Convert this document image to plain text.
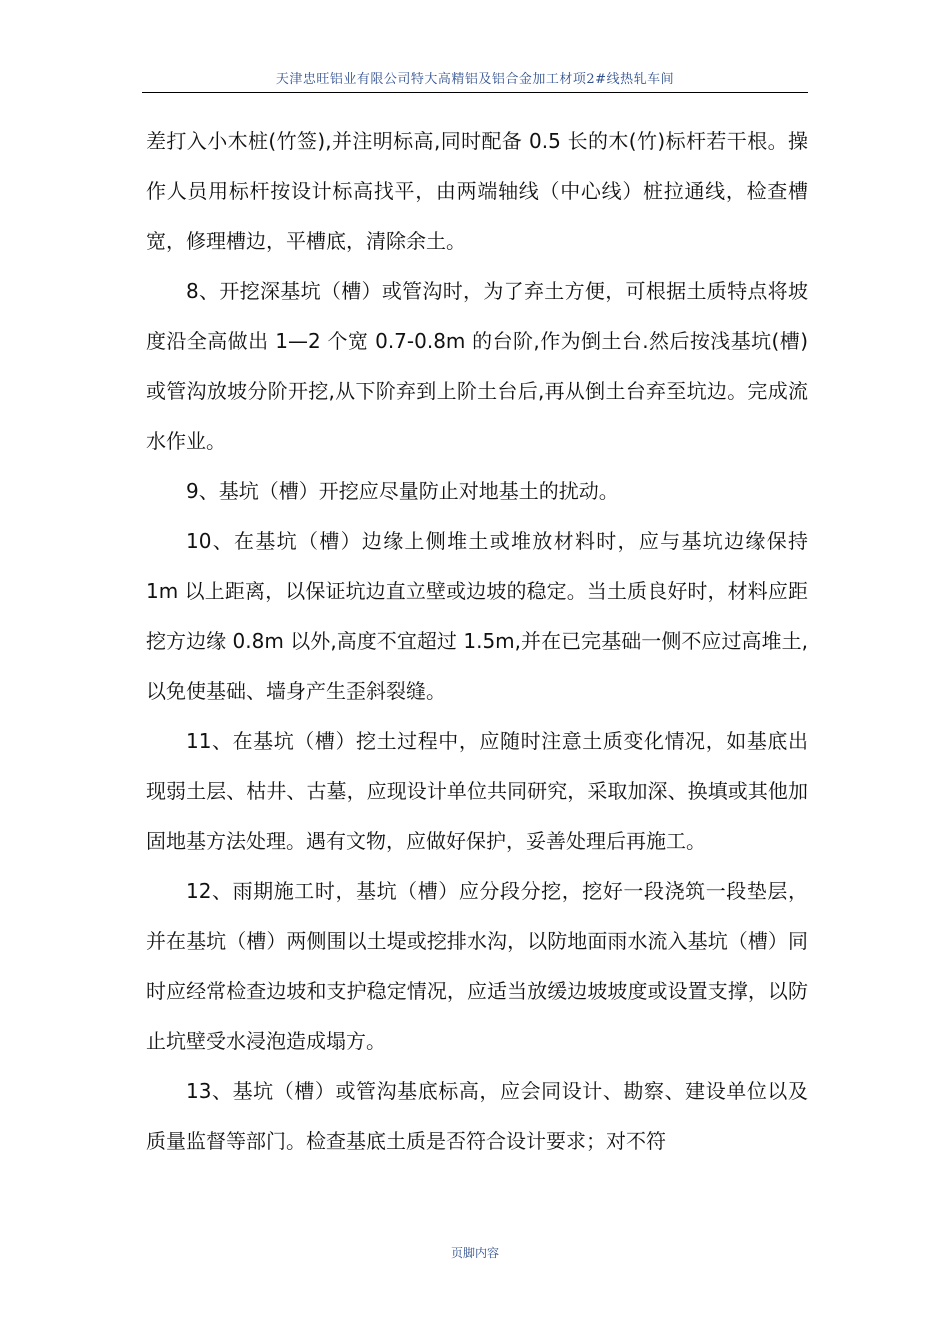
天津忠旺铝业有限公司特大高精铝及铝合金加工材项2#线热轧车间

差打入小木桩(竹签),并注明标高,同时配备 0.5 长的木(竹)标杆若干根。操作人员用标杆按设计标高找平，由两端轴线（中心线）桩拉通线，检查槽宽，修理槽边，平槽底，清除余土。

8、开挖深基坑（槽）或管沟时，为了弃土方便，可根据土质特点将坡度沿全高做出 1—2 个宽 0.7-0.8m 的台阶,作为倒土台.然后按浅基坑(槽)或管沟放坡分阶开挖,从下阶弃到上阶土台后,再从倒土台弃至坑边。完成流水作业。

9、基坑（槽）开挖应尽量防止对地基土的扰动。

10、在基坑（槽）边缘上侧堆土或堆放材料时，应与基坑边缘保持 1m 以上距离，以保证坑边直立壁或边坡的稳定。当土质良好时，材料应距挖方边缘 0.8m 以外,高度不宜超过 1.5m,并在已完基础一侧不应过高堆土,以免使基础、墙身产生歪斜裂缝。

11、在基坑（槽）挖土过程中，应随时注意土质变化情况，如基底出现弱土层、枯井、古墓，应现设计单位共同研究，采取加深、换填或其他加固地基方法处理。遇有文物，应做好保护，妥善处理后再施工。

12、雨期施工时，基坑（槽）应分段分挖，挖好一段浇筑一段垫层，并在基坑（槽）两侧围以土堤或挖排水沟，以防地面雨水流入基坑（槽）同时应经常检查边坡和支护稳定情况，应适当放缓边坡坡度或设置支撑，以防止坑壁受水浸泡造成塌方。

13、基坑（槽）或管沟基底标高，应会同设计、勘察、建设单位以及质量监督等部门。检查基底土质是否符合设计要求；对不符

页脚内容
